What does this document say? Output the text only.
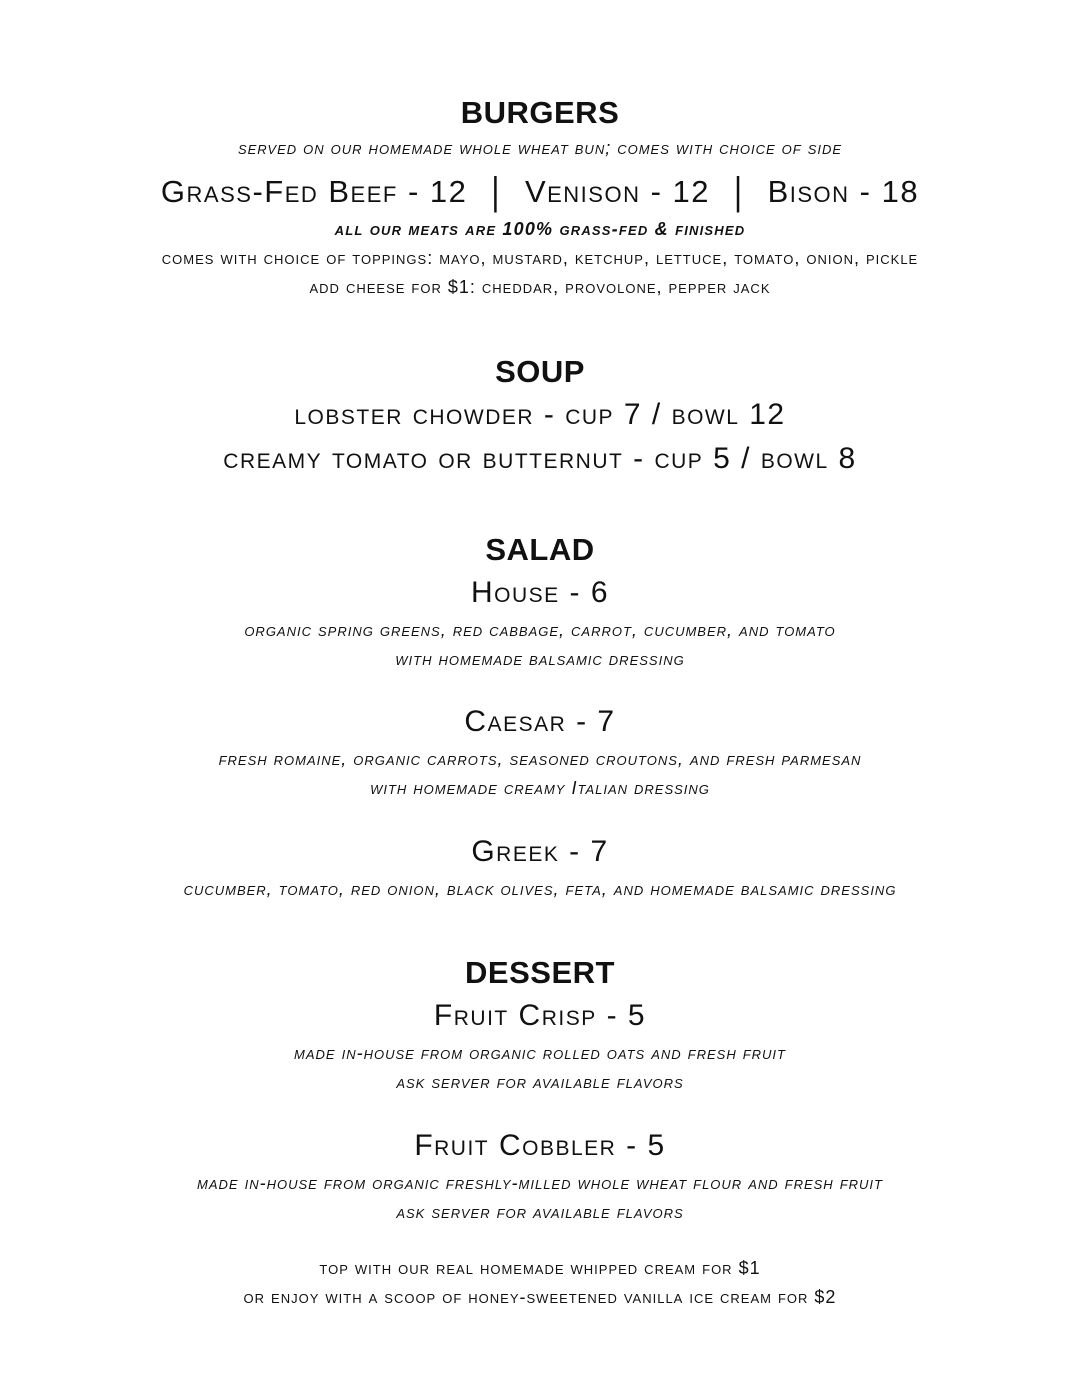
BURGERS
served on our homemade whole wheat bun; comes with choice of side
Grass-Fed Beef - 12 | Venison - 12 | Bison - 18
all our meats are 100% grass-fed & finished
comes with choice of toppings: mayo, mustard, ketchup, lettuce, tomato, onion, pickle
add cheese for $1: cheddar, provolone, pepper jack
SOUP
lobster chowder - cup 7 / bowl 12
creamy tomato or butternut - cup 5 / bowl 8
SALAD
House - 6
organic spring greens, red cabbage, carrot, cucumber, and tomato
with homemade balsamic dressing
Caesar - 7
fresh romaine, organic carrots, seasoned croutons, and fresh parmesan
with homemade creamy Italian dressing
Greek - 7
cucumber, tomato, red onion, black olives, feta, and homemade balsamic dressing
DESSERT
Fruit Crisp - 5
made in-house from organic rolled oats and fresh fruit
ask server for available flavors
Fruit Cobbler - 5
made in-house from organic freshly-milled whole wheat flour and fresh fruit
ask server for available flavors
top with our real homemade whipped cream for $1
or enjoy with a scoop of honey-sweetened vanilla ice cream for $2
